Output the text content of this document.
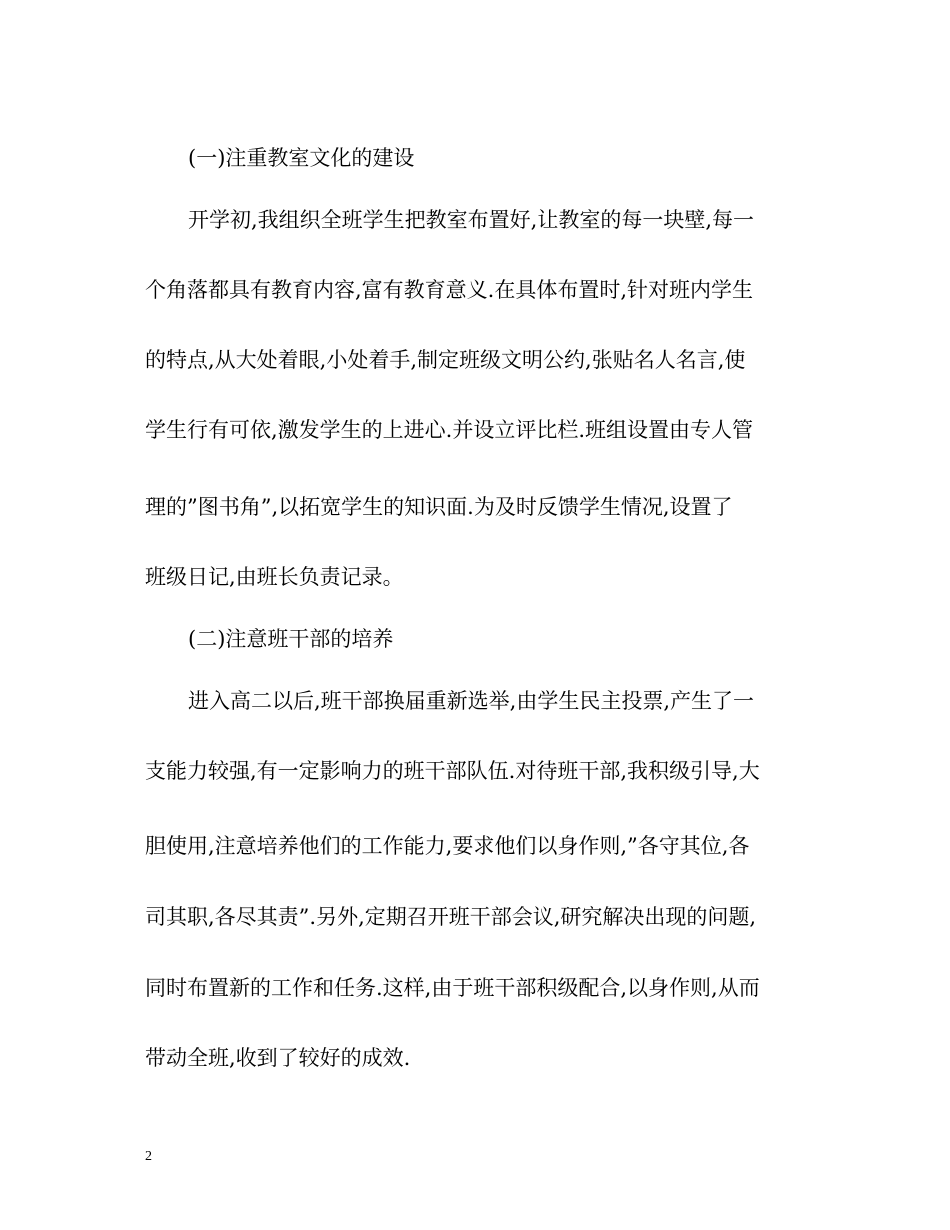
(一)注重教室文化的建设

开学初,我组织全班学生把教室布置好,让教室的每一块壁,每一

个角落都具有教育内容,富有教育意义.在具体布置时,针对班内学生

的特点,从大处着眼,小处着手,制定班级文明公约,张贴名人名言,使

学生行有可依,激发学生的上进心.并设立评比栏.班组设置由专人管

理的”图书角”,以拓宽学生的知识面.为及时反馈学生情况,设置了

班级日记,由班长负责记录。

(二)注意班干部的培养

进入高二以后,班干部换届重新选举,由学生民主投票,产生了一

支能力较强,有一定影响力的班干部队伍.对待班干部,我积级引导,大

胆使用,注意培养他们的工作能力,要求他们以身作则,”各守其位,各

司其职,各尽其责”.另外,定期召开班干部会议,研究解决出现的问题,

同时布置新的工作和任务.这样,由于班干部积级配合,以身作则,从而

带动全班,收到了较好的成效.

2
